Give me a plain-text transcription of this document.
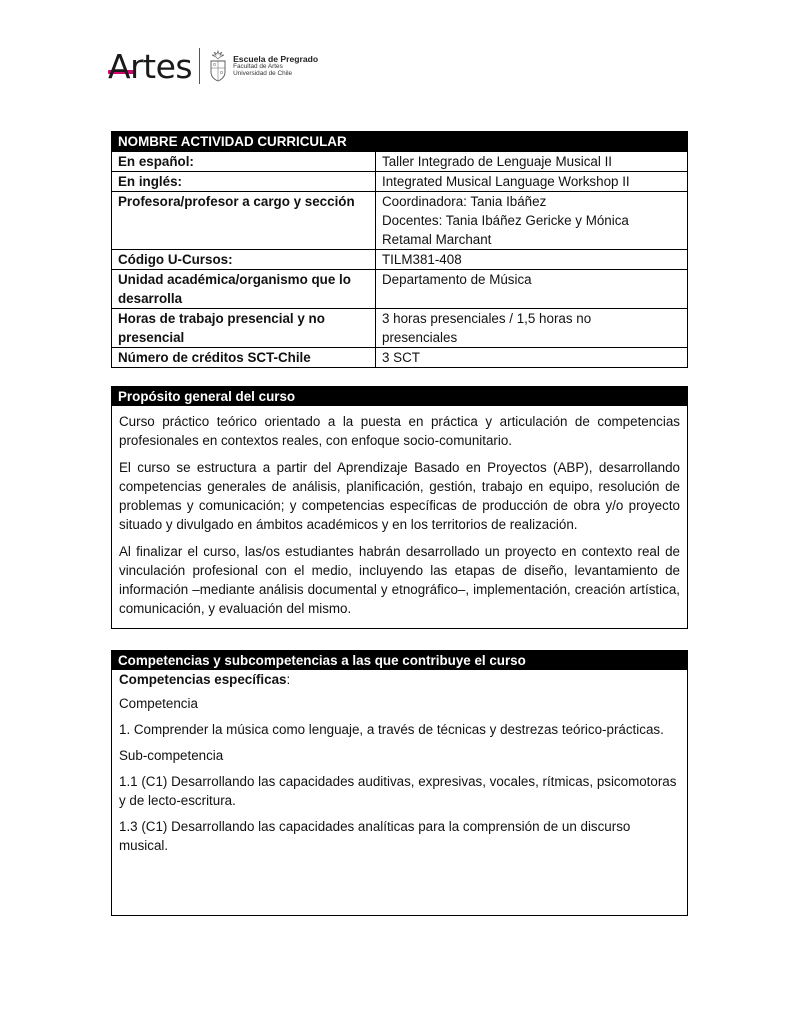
Artes	Escuela de Pregrado
Facultad de Artes
Universidad de Chile
NOMBRE ACTIVIDAD CURRICULAR
En español:	Taller Integrado de Lenguaje Musical II

En inglés:	Integrated Musical Language Workshop II

Profesora/profesor a cargo y sección	Coordinadora: Tania Ibáñez
Docentes: Tania Ibáñez Gericke y Mónica
Retamal Marchant

Código U-Cursos:	TILM381-408

Unidad académica/organismo que lo desarrolla	Departamento de Música

Horas de trabajo presencial y no presencial	3 horas presenciales / 1,5 horas no
presenciales

Número de créditos SCT-Chile	3 SCT
Propósito general del curso

Curso práctico teórico orientado a la puesta en práctica y articulación de competencias profesionales en contextos reales, con enfoque socio-comunitario.

El curso se estructura a partir del Aprendizaje Basado en Proyectos (ABP), desarrollando competencias generales de análisis, planificación, gestión, trabajo en equipo, resolución de problemas y comunicación; y competencias específicas de producción de obra y/o proyecto situado y divulgado en ámbitos académicos y en los territorios de realización.

Al finalizar el curso, las/os estudiantes habrán desarrollado un proyecto en contexto real de vinculación profesional con el medio, incluyendo las etapas de diseño, levantamiento de información –mediante análisis documental y etnográfico–, implementación, creación artística, comunicación, y evaluación del mismo.

Competencias y subcompetencias a las que contribuye el curso

Competencias específicas:

Competencia

1. Comprender la música como lenguaje, a través de técnicas y destrezas teórico-prácticas.

Sub-competencia

1.1 (C1) Desarrollando las capacidades auditivas, expresivas, vocales, rítmicas, psicomotoras y de lecto-escritura.

1.3 (C1) Desarrollando las capacidades analíticas para la comprensión de un discurso musical.
